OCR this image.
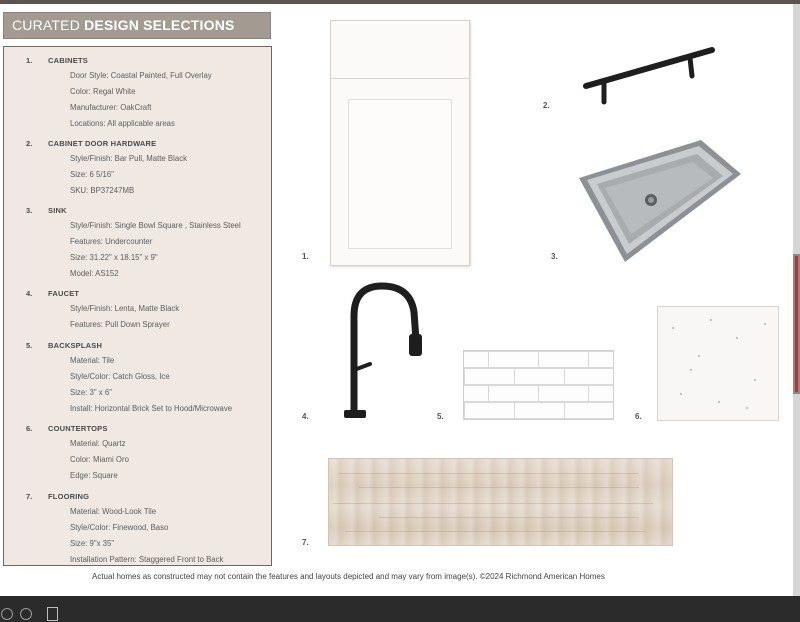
CURATED DESIGN SELECTIONS
1. CABINETS
Door Style: Coastal Painted, Full Overlay
Color: Regal White
Manufacturer: OakCraft
Locations: All applicable areas
2. CABINET DOOR HARDWARE
Style/Finish: Bar Pull, Matte Black
Size: 6 5/16"
SKU: BP37247MB
3. SINK
Style/Finish: Single Bowl Square , Stainless Steel
Features: Undercounter
Size: 31.22" x 18.15" x 9"
Model: AS152
4. FAUCET
Style/Finish: Lenta, Matte Black
Features: Pull Down Sprayer
5. BACKSPLASH
Material: Tile
Style/Color: Catch Gloss, Ice
Size: 3" x 6"
Install: Horizontal Brick Set to Hood/Microwave
6. COUNTERTOPS
Material: Quartz
Color: Miami Oro
Edge: Square
7. FLOORING
Material: Wood-Look Tile
Style/Color: Finewood, Baso
Size: 9"x 35"
Installation Pattern: Staggered Front to Back
1.
2.
3.
4.	5.	6.
7.
Actual homes as constructed may not contain the features and layouts depicted and may vary from image(s). ©2024 Richmond American Homes
